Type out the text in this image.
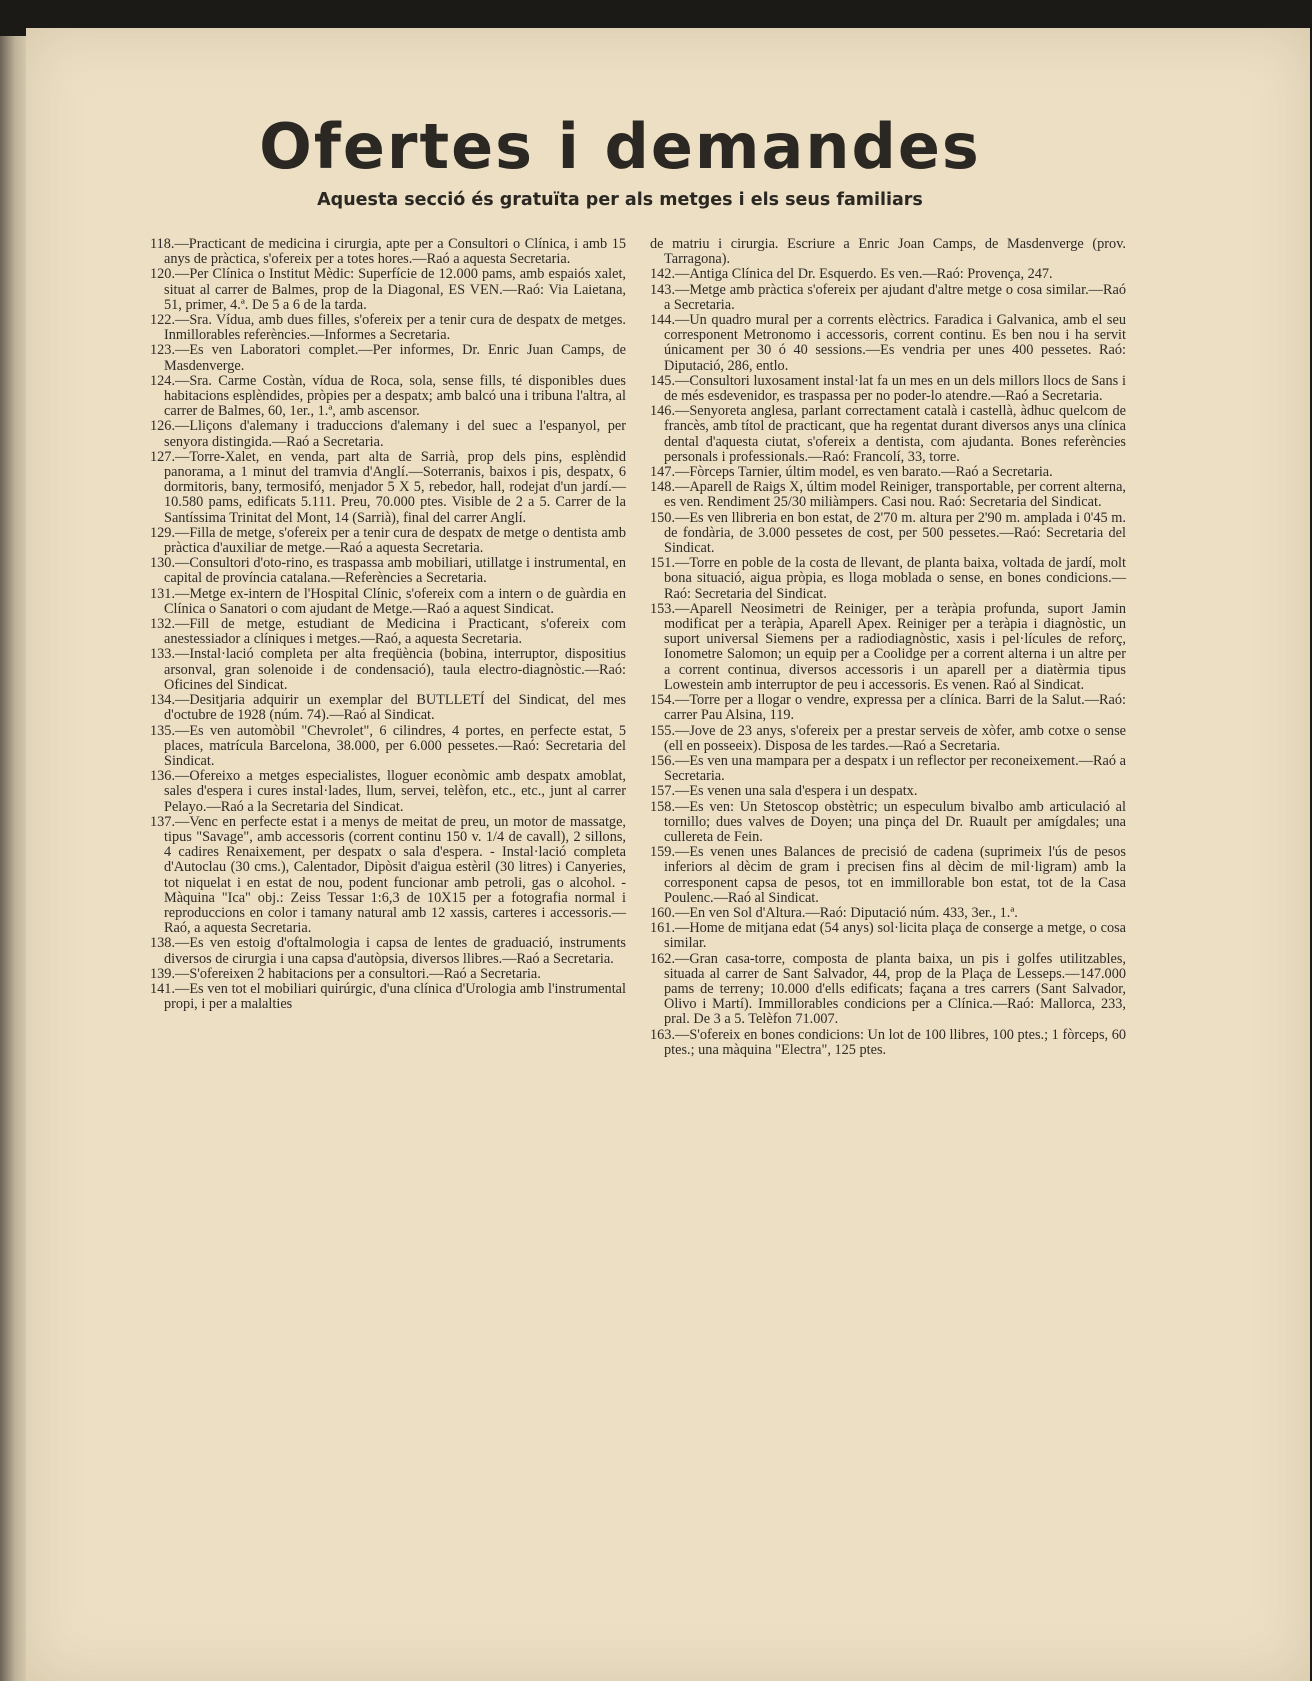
Ofertes i demandes

Aquesta secció és gratuïta per als metges i els seus familiars

118.—Practicant de medicina i cirurgia, apte per a Consultori o Clínica, i amb 15 anys de pràctica, s'ofereix per a totes hores.—Raó a aquesta Secretaria.

120.—Per Clínica o Institut Mèdic: Superfície de 12.000 pams, amb espaiós xalet, situat al carrer de Balmes, prop de la Diagonal, ES VEN.—Raó: Via Laietana, 51, primer, 4.ª. De 5 a 6 de la tarda.

122.—Sra. Vídua, amb dues filles, s'ofereix per a tenir cura de despatx de metges. Inmillorables referències.—Informes a Secretaria.

123.—Es ven Laboratori complet.—Per informes, Dr. Enric Juan Camps, de Masdenverge.

124.—Sra. Carme Costàn, vídua de Roca, sola, sense fills, té disponibles dues habitacions esplèndides, pròpies per a despatx; amb balcó una i tribuna l'altra, al carrer de Balmes, 60, 1er., 1.ª, amb ascensor.

126.—Lliçons d'alemany i traduccions d'alemany i del suec a l'espanyol, per senyora distingida.—Raó a Secretaria.

127.—Torre-Xalet, en venda, part alta de Sarrià, prop dels pins, esplèndid panorama, a 1 minut del tramvia d'Anglí.—Soterranis, baixos i pis, despatx, 6 dormitoris, bany, termosifó, menjador 5 X 5, rebedor, hall, rodejat d'un jardí.—10.580 pams, edificats 5.111. Preu, 70.000 ptes. Visible de 2 a 5. Carrer de la Santíssima Trinitat del Mont, 14 (Sarrià), final del carrer Anglí.

129.—Filla de metge, s'ofereix per a tenir cura de despatx de metge o dentista amb pràctica d'auxiliar de metge.—Raó a aquesta Secretaria.

130.—Consultori d'oto-rino, es traspassa amb mobiliari, utillatge i instrumental, en capital de província catalana.—Referències a Secretaria.

131.—Metge ex-intern de l'Hospital Clínic, s'ofereix com a intern o de guàrdia en Clínica o Sanatori o com ajudant de Metge.—Raó a aquest Sindicat.

132.—Fill de metge, estudiant de Medicina i Practicant, s'ofereix com anestessiador a clíniques i metges.—Raó, a aquesta Secretaria.

133.—Instal·lació completa per alta freqüència (bobina, interruptor, dispositius arsonval, gran solenoide i de condensació), taula electro-diagnòstic.—Raó: Oficines del Sindicat.

134.—Desitjaria adquirir un exemplar del BUTLLETÍ del Sindicat, del mes d'octubre de 1928 (núm. 74).—Raó al Sindicat.

135.—Es ven automòbil "Chevrolet", 6 cilindres, 4 portes, en perfecte estat, 5 places, matrícula Barcelona, 38.000, per 6.000 pessetes.—Raó: Secretaria del Sindicat.

136.—Ofereixo a metges especialistes, lloguer econòmic amb despatx amoblat, sales d'espera i cures instal·lades, llum, servei, telèfon, etc., etc., junt al carrer Pelayo.—Raó a la Secretaria del Sindicat.

137.—Venc en perfecte estat i a menys de meitat de preu, un motor de massatge, tipus "Savage", amb accessoris (corrent continu 150 v. 1/4 de cavall), 2 sillons, 4 cadires Renaixement, per despatx o sala d'espera. - Instal·lació completa d'Autoclau (30 cms.), Calentador, Dipòsit d'aigua estèril (30 litres) i Canyeries, tot niquelat i en estat de nou, podent funcionar amb petroli, gas o alcohol. - Màquina "Ica" obj.: Zeiss Tessar 1:6,3 de 10X15 per a fotografia normal i reproduccions en color i tamany natural amb 12 xassis, carteres i accessoris.—Raó, a aquesta Secretaria.

138.—Es ven estoig d'oftalmologia i capsa de lentes de graduació, instruments diversos de cirurgia i una capsa d'autòpsia, diversos llibres.—Raó a Secretaria.

139.—S'ofereixen 2 habitacions per a consultori.—Raó a Secretaria.

141.—Es ven tot el mobiliari quirúrgic, d'una clínica d'Urologia amb l'instrumental propi, i per a malalties

de matriu i cirurgia. Escriure a Enric Joan Camps, de Masdenverge (prov. Tarragona).

142.—Antiga Clínica del Dr. Esquerdo. Es ven.—Raó: Provença, 247.

143.—Metge amb pràctica s'ofereix per ajudant d'altre metge o cosa similar.—Raó a Secretaria.

144.—Un quadro mural per a corrents elèctrics. Faradica i Galvanica, amb el seu corresponent Metronomo i accessoris, corrent continu. Es ben nou i ha servit únicament per 30 ó 40 sessions.—Es vendria per unes 400 pessetes. Raó: Diputació, 286, entlo.

145.—Consultori luxosament instal·lat fa un mes en un dels millors llocs de Sans i de més esdevenidor, es traspassa per no poder-lo atendre.—Raó a Secretaria.

146.—Senyoreta anglesa, parlant correctament català i castellà, àdhuc quelcom de francès, amb títol de practicant, que ha regentat durant diversos anys una clínica dental d'aquesta ciutat, s'ofereix a dentista, com ajudanta. Bones referències personals i professionals.—Raó: Francolí, 33, torre.

147.—Fòrceps Tarnier, últim model, es ven barato.—Raó a Secretaria.

148.—Aparell de Raigs X, últim model Reiniger, transportable, per corrent alterna, es ven. Rendiment 25/30 miliàmpers. Casi nou. Raó: Secretaria del Sindicat.

150.—Es ven llibreria en bon estat, de 2'70 m. altura per 2'90 m. amplada i 0'45 m. de fondària, de 3.000 pessetes de cost, per 500 pessetes.—Raó: Secretaria del Sindicat.

151.—Torre en poble de la costa de llevant, de planta baixa, voltada de jardí, molt bona situació, aigua pròpia, es lloga moblada o sense, en bones condicions.—Raó: Secretaria del Sindicat.

153.—Aparell Neosimetri de Reiniger, per a teràpia profunda, suport Jamin modificat per a teràpia, Aparell Apex. Reiniger per a teràpia i diagnòstic, un suport universal Siemens per a radiodiagnòstic, xasis i pel·lícules de reforç, Ionometre Salomon; un equip per a Coolidge per a corrent alterna i un altre per a corrent continua, diversos accessoris i un aparell per a diatèrmia tipus Lowestein amb interruptor de peu i accessoris. Es venen. Raó al Sindicat.

154.—Torre per a llogar o vendre, expressa per a clínica. Barri de la Salut.—Raó: carrer Pau Alsina, 119.

155.—Jove de 23 anys, s'ofereix per a prestar serveis de xòfer, amb cotxe o sense (ell en posseeix). Disposa de les tardes.—Raó a Secretaria.

156.—Es ven una mampara per a despatx i un reflector per reconeixement.—Raó a Secretaria.

157.—Es venen una sala d'espera i un despatx.

158.—Es ven: Un Stetoscop obstètric; un especulum bivalbo amb articulació al tornillo; dues valves de Doyen; una pinça del Dr. Ruault per amígdales; una cullereta de Fein.

159.—Es venen unes Balances de precisió de cadena (suprimeix l'ús de pesos inferiors al dècim de gram i precisen fins al dècim de mil·ligram) amb la corresponent capsa de pesos, tot en immillorable bon estat, tot de la Casa Poulenc.—Raó al Sindicat.

160.—En ven Sol d'Altura.—Raó: Diputació núm. 433, 3er., 1.ª.

161.—Home de mitjana edat (54 anys) sol·licita plaça de conserge a metge, o cosa similar.

162.—Gran casa-torre, composta de planta baixa, un pis i golfes utilitzables, situada al carrer de Sant Salvador, 44, prop de la Plaça de Lesseps.—147.000 pams de terreny; 10.000 d'ells edificats; façana a tres carrers (Sant Salvador, Olivo i Martí). Immillorables condicions per a Clínica.—Raó: Mallorca, 233, pral. De 3 a 5. Telèfon 71.007.

163.—S'ofereix en bones condicions: Un lot de 100 llibres, 100 ptes.; 1 fòrceps, 60 ptes.; una màquina "Electra", 125 ptes.
